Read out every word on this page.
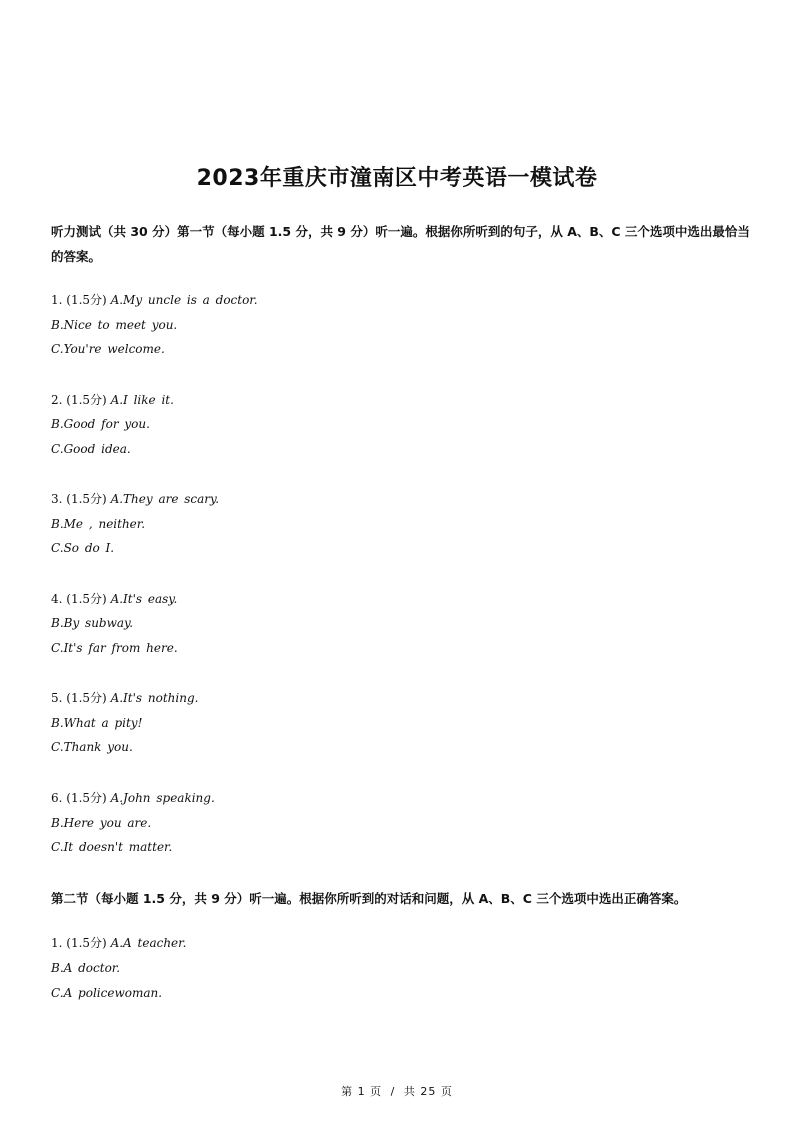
2023年重庆市潼南区中考英语一模试卷
听力测试（共 30 分）第一节（每小题 1.5 分，共 9 分）听一遍。根据你所听到的句子，从 A、B、C 三个选项中选出最恰当的答案。
1. (1.5分) A.My uncle is a doctor.
B.Nice to meet you.
C.You're welcome.
2. (1.5分) A.I like it.
B.Good for you.
C.Good idea.
3. (1.5分) A.They are scary.
B.Me , neither.
C.So do I.
4. (1.5分) A.It's easy.
B.By subway.
C.It's far from here.
5. (1.5分) A.It's nothing.
B.What a pity!
C.Thank you.
6. (1.5分) A.John speaking.
B.Here you are.
C.It doesn't matter.
第二节（每小题 1.5 分，共 9 分）听一遍。根据你所听到的对话和问题，从 A、B、C 三个选项中选出正确答案。
1. (1.5分) A.A teacher.
B.A doctor.
C.A policewoman.
第 1 页 / 共 25 页
